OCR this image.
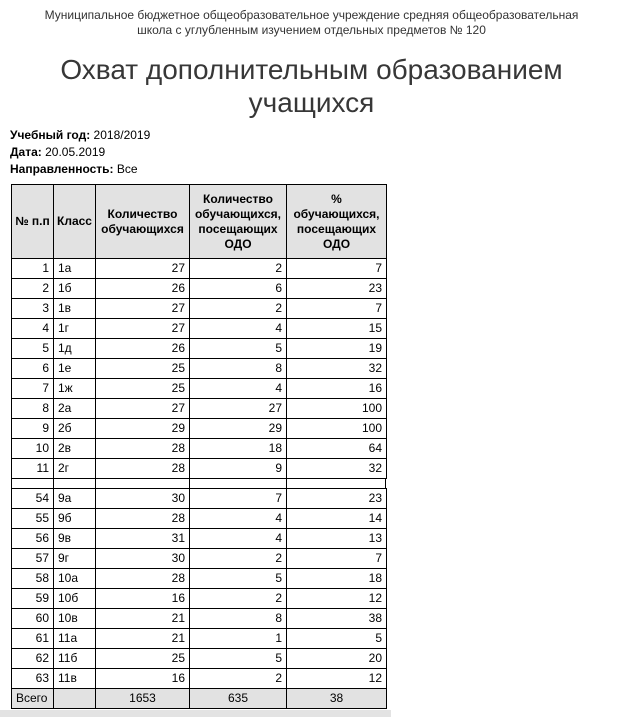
Муниципальное бюджетное общеобразовательное учреждение средняя общеобразовательная
школа с углубленным изучением отдельных предметов № 120
Охват дополнительным образованием
учащихся
Учебный год: 2018/2019
Дата: 20.05.2019
Направленность: Все
№ п.п	Класс	Количество обучающихся	Количество обучающихся, посещающих ОДО	% обучающихся, посещающих ОДО
1	1а	27	2	7
2	1б	26	6	23
3	1в	27	2	7
4	1г	27	4	15
5	1д	26	5	19
6	1е	25	8	32
7	1ж	25	4	16
8	2а	27	27	100
9	2б	29	29	100
10	2в	28	18	64
11	2г	28	9	32
54	9а	30	7	23
55	9б	28	4	14
56	9в	31	4	13
57	9г	30	2	7
58	10а	28	5	18
59	10б	16	2	12
60	10в	21	8	38
61	11а	21	1	5
62	11б	25	5	20
63	11в	16	2	12
Всего		1653	635	38
